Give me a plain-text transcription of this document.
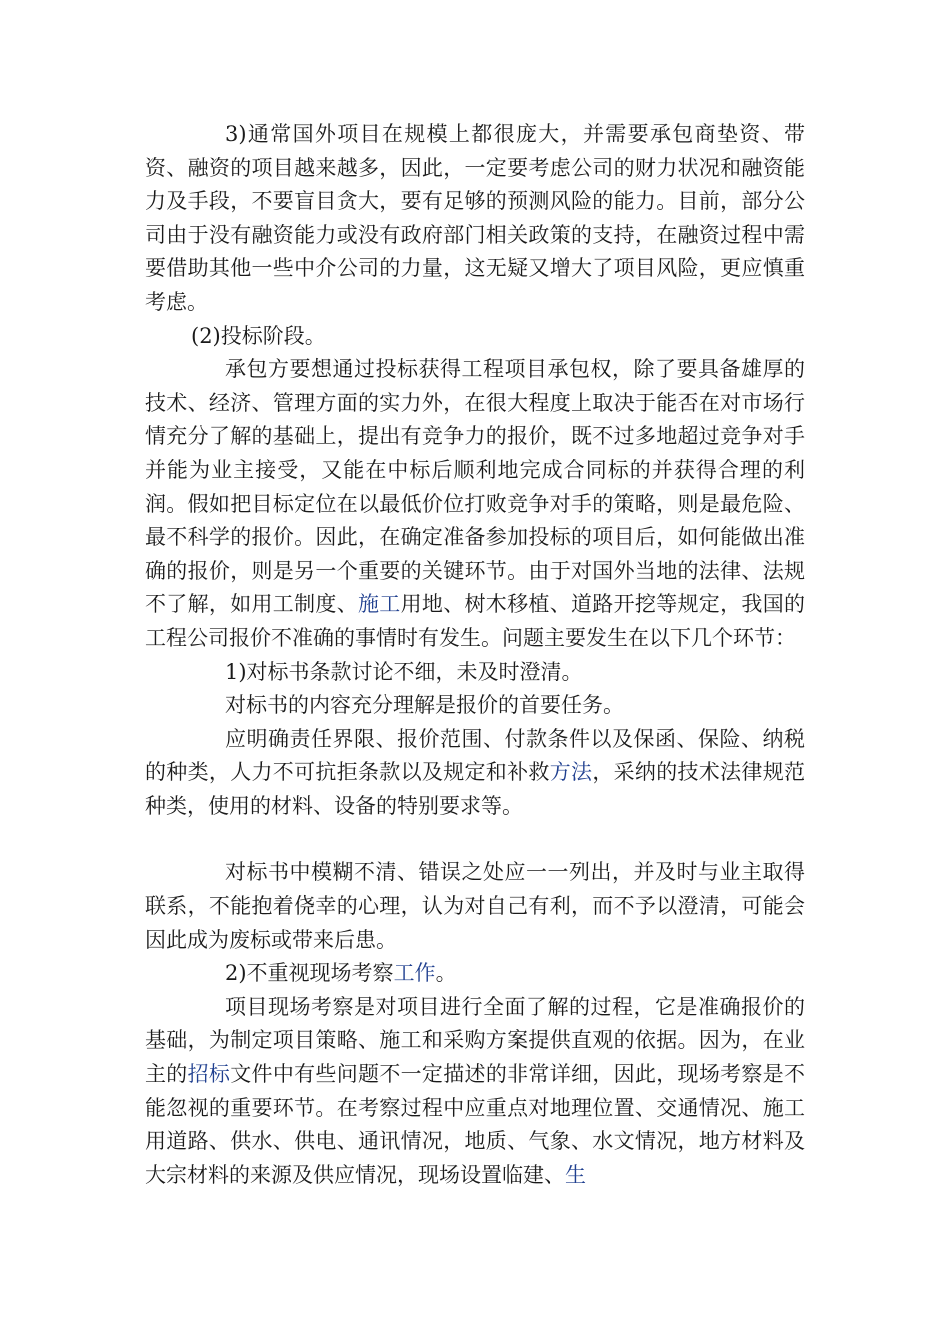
3)通常国外项目在规模上都很庞大，并需要承包商垫资、带资、融资的项目越来越多，因此，一定要考虑公司的财力状况和融资能力及手段，不要盲目贪大，要有足够的预测风险的能力。目前，部分公司由于没有融资能力或没有政府部门相关政策的支持，在融资过程中需要借助其他一些中介公司的力量，这无疑又增大了项目风险，更应慎重考虑。

(2)投标阶段。

承包方要想通过投标获得工程项目承包权，除了要具备雄厚的技术、经济、管理方面的实力外，在很大程度上取决于能否在对市场行情充分了解的基础上，提出有竞争力的报价，既不过多地超过竞争对手并能为业主接受，又能在中标后顺利地完成合同标的并获得合理的利润。假如把目标定位在以最低价位打败竞争对手的策略，则是最危险、最不科学的报价。因此，在确定准备参加投标的项目后，如何能做出准确的报价，则是另一个重要的关键环节。由于对国外当地的法律、法规不了解，如用工制度、施工用地、树木移植、道路开挖等规定，我国的工程公司报价不准确的事情时有发生。问题主要发生在以下几个环节：

1)对标书条款讨论不细，未及时澄清。

对标书的内容充分理解是报价的首要任务。

应明确责任界限、报价范围、付款条件以及保函、保险、纳税的种类，人力不可抗拒条款以及规定和补救方法，采纳的技术法律规范种类，使用的材料、设备的特别要求等。

对标书中模糊不清、错误之处应一一列出，并及时与业主取得联系，不能抱着侥幸的心理，认为对自己有利，而不予以澄清，可能会因此成为废标或带来后患。

2)不重视现场考察工作。

项目现场考察是对项目进行全面了解的过程，它是准确报价的基础，为制定项目策略、施工和采购方案提供直观的依据。因为，在业主的招标文件中有些问题不一定描述的非常详细，因此，现场考察是不能忽视的重要环节。在考察过程中应重点对地理位置、交通情况、施工用道路、供水、供电、通讯情况，地质、气象、水文情况，地方材料及大宗材料的来源及供应情况，现场设置临建、生
